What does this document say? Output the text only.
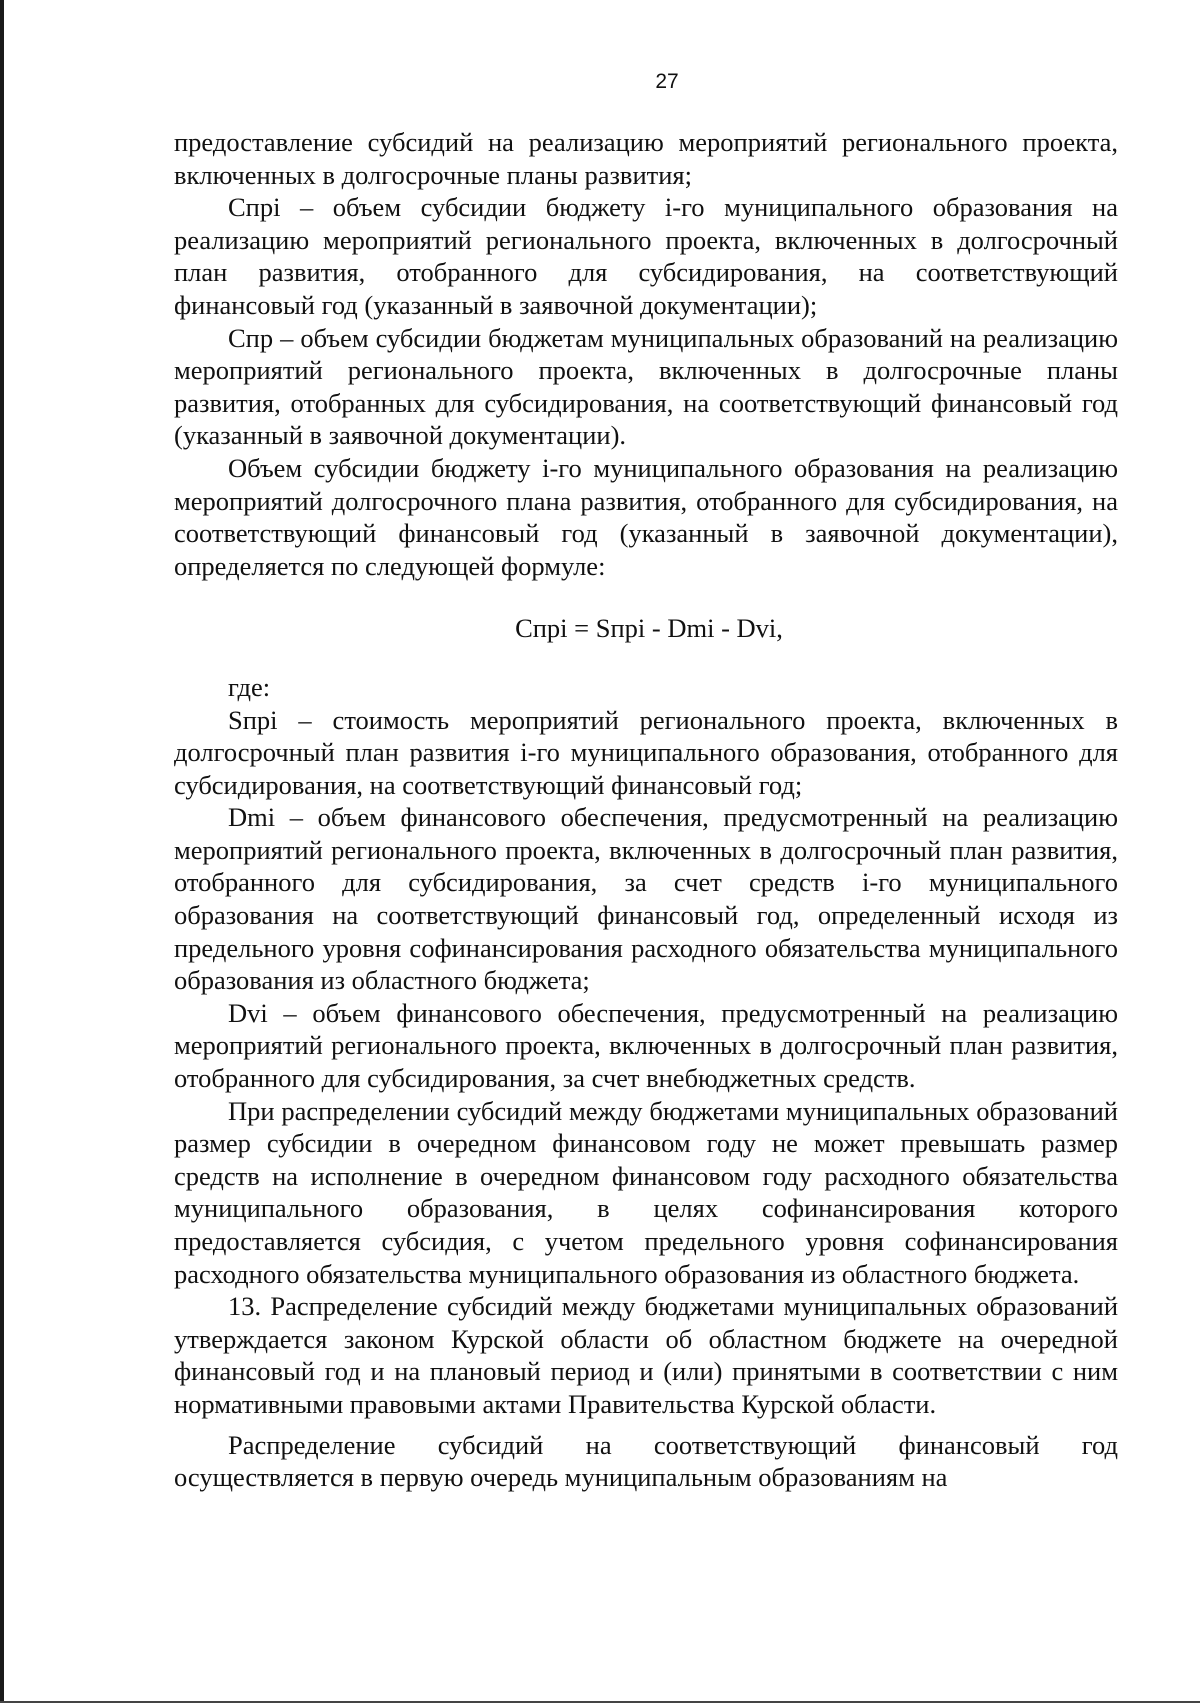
27

предоставление субсидий на реализацию мероприятий регионального проекта, включенных в долгосрочные планы развития;

Cпрi – объем субсидии бюджету i-го муниципального образования на реализацию мероприятий регионального проекта, включенных в долгосрочный план развития, отобранного для субсидирования, на соответствующий финансовый год (указанный в заявочной документации);

Cпр – объем субсидии бюджетам муниципальных образований на реализацию мероприятий регионального проекта, включенных в долгосрочные планы развития, отобранных для субсидирования, на соответствующий финансовый год (указанный в заявочной документации).

Объем субсидии бюджету i-го муниципального образования на реализацию мероприятий долгосрочного плана развития, отобранного для субсидирования, на соответствующий финансовый год (указанный в заявочной документации), определяется по следующей формуле:

Cпрi = Sпрi - Dmi - Dvi,

где:

Sпрi – стоимость мероприятий регионального проекта, включенных в долгосрочный план развития i-го муниципального образования, отобранного для субсидирования, на соответствующий финансовый год;

Dmi – объем финансового обеспечения, предусмотренный на реализацию мероприятий регионального проекта, включенных в долгосрочный план развития, отобранного для субсидирования, за счет средств i-го муниципального образования на соответствующий финансовый год, определенный исходя из предельного уровня софинансирования расходного обязательства муниципального образования из областного бюджета;

Dvi – объем финансового обеспечения, предусмотренный на реализацию мероприятий регионального проекта, включенных в долгосрочный план развития, отобранного для субсидирования, за счет внебюджетных средств.

При распределении субсидий между бюджетами муниципальных образований размер субсидии в очередном финансовом году не может превышать размер средств на исполнение в очередном финансовом году расходного обязательства муниципального образования, в целях софинансирования которого предоставляется субсидия, с учетом предельного уровня софинансирования расходного обязательства муниципального образования из областного бюджета.

13. Распределение субсидий между бюджетами муниципальных образований утверждается законом Курской области об областном бюджете на очередной финансовый год и на плановый период и (или) принятыми в соответствии с ним нормативными правовыми актами Правительства Курской области.

Распределение субсидий на соответствующий финансовый год осуществляется в первую очередь муниципальным образованиям на
